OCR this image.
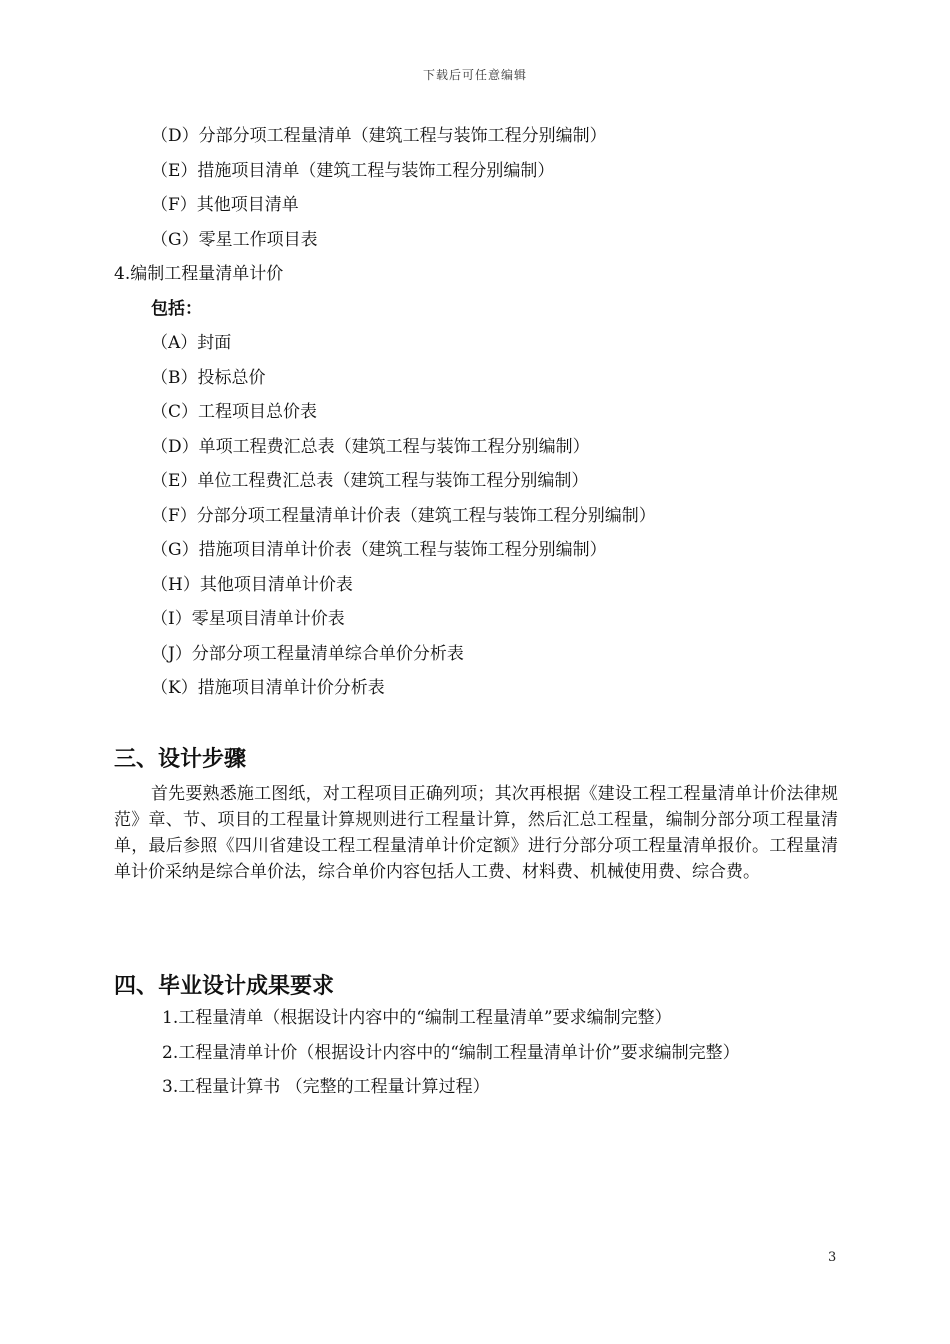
下载后可任意编辑
（D）分部分项工程量清单（建筑工程与装饰工程分别编制）
（E）措施项目清单（建筑工程与装饰工程分别编制）
（F）其他项目清单
（G）零星工作项目表
4.编制工程量清单计价
包括：
（A）封面
（B）投标总价
（C）工程项目总价表
（D）单项工程费汇总表（建筑工程与装饰工程分别编制）
（E）单位工程费汇总表（建筑工程与装饰工程分别编制）
（F）分部分项工程量清单计价表（建筑工程与装饰工程分别编制）
（G）措施项目清单计价表（建筑工程与装饰工程分别编制）
（H）其他项目清单计价表
（I）零星项目清单计价表
（J）分部分项工程量清单综合单价分析表
（K）措施项目清单计价分析表
三、设计步骤
首先要熟悉施工图纸，对工程项目正确列项；其次再根据《建设工程工程量清单计价法律规范》章、节、项目的工程量计算规则进行工程量计算，然后汇总工程量，编制分部分项工程量清单，最后参照《四川省建设工程工程量清单计价定额》进行分部分项工程量清单报价。工程量清单计价采纳是综合单价法，综合单价内容包括人工费、材料费、机械使用费、综合费。
四、毕业设计成果要求
1.工程量清单（根据设计内容中的“编制工程量清单”要求编制完整）
2.工程量清单计价（根据设计内容中的“编制工程量清单计价”要求编制完整）
3.工程量计算书 （完整的工程量计算过程）
3
